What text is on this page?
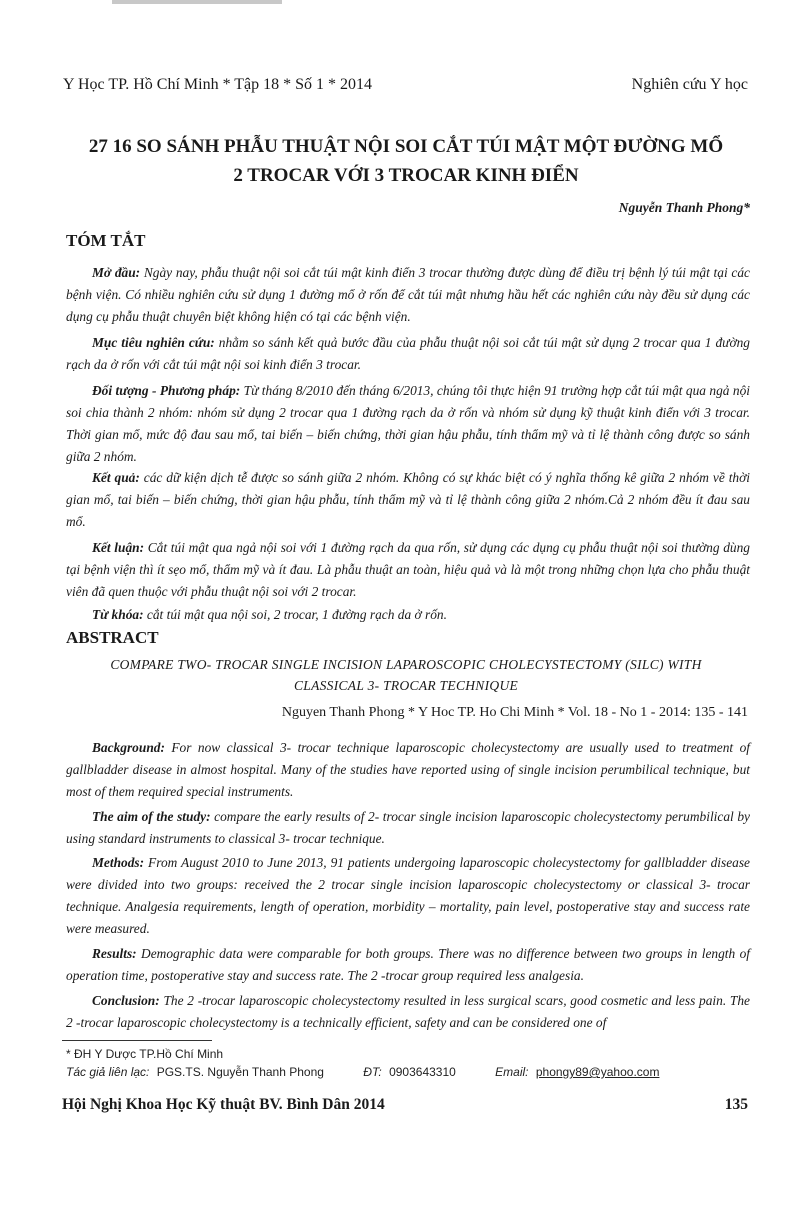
Y Học TP. Hồ Chí Minh * Tập 18 * Số 1 * 2014	Nghiên cứu Y học
27 16 SO SÁNH PHẪU THUẬT NỘI SOI CẮT TÚI MẬT MỘT ĐƯỜNG MỔ
2 TROCAR VỚI 3 TROCAR KINH ĐIỂN
Nguyễn Thanh Phong*
TÓM TẮT

Mở đầu: Ngày nay, phẫu thuật nội soi cắt túi mật kinh điển 3 trocar thường được dùng để điều trị bệnh lý túi mật tại các bệnh viện. Có nhiều nghiên cứu sử dụng 1 đường mổ ở rốn để cắt túi mật nhưng hầu hết các nghiên cứu này đều sử dụng các dụng cụ phẫu thuật chuyên biệt không hiện có tại các bệnh viện.

Mục tiêu nghiên cứu: nhằm so sánh kết quả bước đầu của phẫu thuật nội soi cắt túi mật sử dụng 2 trocar qua 1 đường rạch da ở rốn với cắt túi mật nội soi kinh điển 3 trocar.

Đối tượng - Phương pháp: Từ tháng 8/2010 đến tháng 6/2013, chúng tôi thực hiện 91 trường hợp cắt túi mật qua ngả nội soi chia thành 2 nhóm: nhóm sử dụng 2 trocar qua 1 đường rạch da ở rốn và nhóm sử dụng kỹ thuật kinh điển với 3 trocar. Thời gian mổ, mức độ đau sau mổ, tai biến – biến chứng, thời gian hậu phẫu, tính thẩm mỹ và tỉ lệ thành công được so sánh giữa 2 nhóm.

Kết quả: các dữ kiện dịch tễ được so sánh giữa 2 nhóm. Không có sự khác biệt có ý nghĩa thống kê giữa 2 nhóm về thời gian mổ, tai biến – biến chứng, thời gian hậu phẫu, tính thẩm mỹ và tỉ lệ thành công giữa 2 nhóm.Cả 2 nhóm đều ít đau sau mổ.

Kết luận: Cắt túi mật qua ngả nội soi với 1 đường rạch da qua rốn, sử dụng các dụng cụ phẫu thuật nội soi thường dùng tại bệnh viện thì ít sẹo mổ, thẩm mỹ và ít đau. Là phẫu thuật an toàn, hiệu quả và là một trong những chọn lựa cho phẫu thuật viên đã quen thuộc với phẫu thuật nội soi với 2 trocar.

Từ khóa: cắt túi mật qua nội soi, 2 trocar, 1 đường rạch da ở rốn.

ABSTRACT
COMPARE TWO- TROCAR SINGLE INCISION LAPAROSCOPIC CHOLECYSTECTOMY (SILC) WITH
CLASSICAL 3- TROCAR TECHNIQUE
Nguyen Thanh Phong * Y Hoc TP. Ho Chi Minh * Vol. 18 - No 1 - 2014: 135 - 141

Background: For now classical 3- trocar technique laparoscopic cholecystectomy are usually used to treatment of gallbladder disease in almost hospital. Many of the studies have reported using of single incision perumbilical technique, but most of them required special instruments.

The aim of the study: compare the early results of 2- trocar single incision laparoscopic cholecystectomy perumbilical by using standard instruments to classical 3- trocar technique.

Methods: From August 2010 to June 2013, 91 patients undergoing laparoscopic cholecystectomy for gallbladder disease were divided into two groups: received the 2 trocar single incision laparoscopic cholecystectomy or classical 3- trocar technique. Analgesia requirements, length of operation, morbidity – mortality, pain level, postoperative stay and success rate were measured.

Results: Demographic data were comparable for both groups. There was no difference between two groups in length of operation time, postoperative stay and success rate. The 2 -trocar group required less analgesia.

Conclusion: The 2 -trocar laparoscopic cholecystectomy resulted in less surgical scars, good cosmetic and less pain. The 2 -trocar laparoscopic cholecystectomy is a technically efficient, safety and can be considered one of

* ĐH Y Dược TP.Hồ Chí Minh
Tác giả liên lạc: PGS.TS. Nguyễn Thanh Phong	ĐT: 0903643310	Email: phongy89@yahoo.com
Hội Nghị Khoa Học Kỹ thuật BV. Bình Dân 2014	135
